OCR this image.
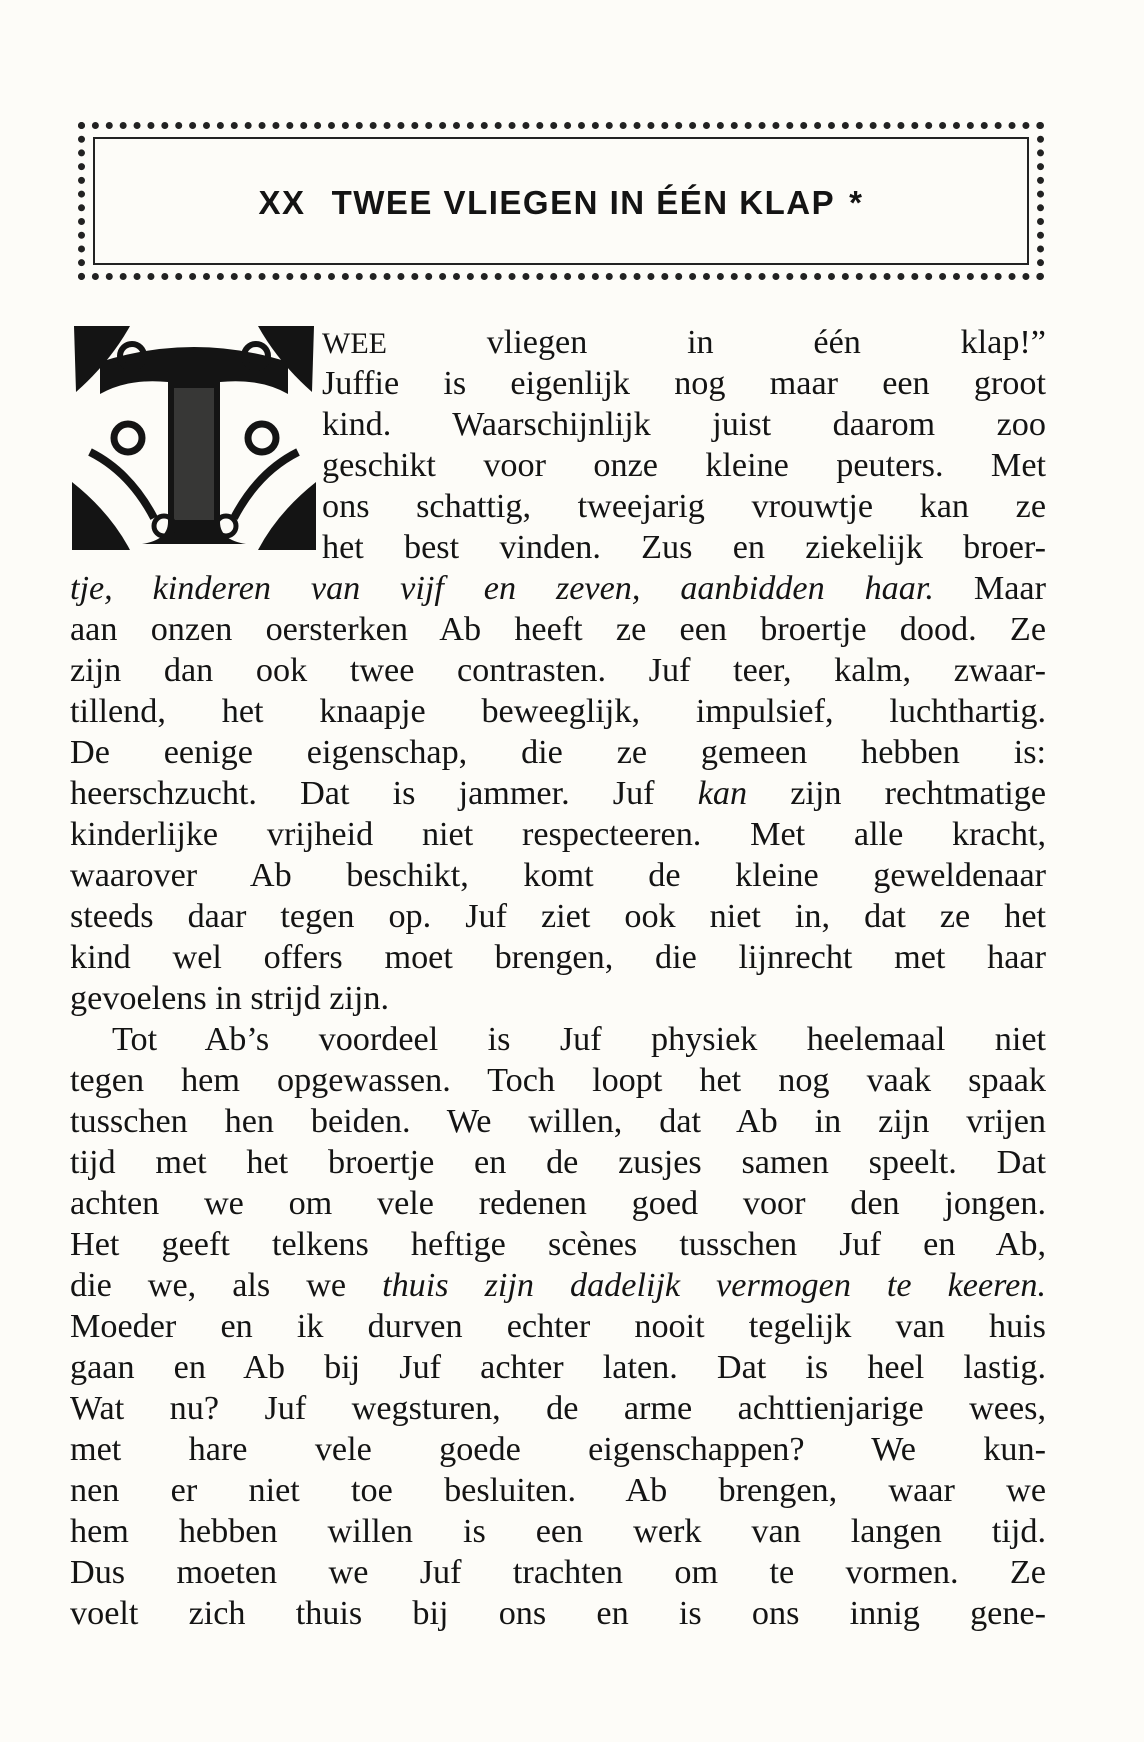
XX TWEE VLIEGEN IN ÉÉN KLAP *
WEE vliegen in één klap!”
Juffie is eigenlijk nog maar een groot
kind. Waarschijnlijk juist daarom zoo
geschikt voor onze kleine peuters. Met
ons schattig, tweejarig vrouwtje kan ze
het best vinden. Zus en ziekelijk broer-
tje, kinderen van vijf en zeven, aanbidden haar. Maar
aan onzen oersterken Ab heeft ze een broertje dood. Ze
zijn dan ook twee contrasten. Juf teer, kalm, zwaar-
tillend, het knaapje beweeglijk, impulsief, luchthartig.
De eenige eigenschap, die ze gemeen hebben is:
heerschzucht. Dat is jammer. Juf kan zijn rechtmatige
kinderlijke vrijheid niet respecteeren. Met alle kracht,
waarover Ab beschikt, komt de kleine geweldenaar
steeds daar tegen op. Juf ziet ook niet in, dat ze het
kind wel offers moet brengen, die lijnrecht met haar
gevoelens in strijd zijn.
Tot Ab’s voordeel is Juf physiek heelemaal niet
tegen hem opgewassen. Toch loopt het nog vaak spaak
tusschen hen beiden. We willen, dat Ab in zijn vrijen
tijd met het broertje en de zusjes samen speelt. Dat
achten we om vele redenen goed voor den jongen.
Het geeft telkens heftige scènes tusschen Juf en Ab,
die we, als we thuis zijn dadelijk vermogen te keeren.
Moeder en ik durven echter nooit tegelijk van huis
gaan en Ab bij Juf achter laten. Dat is heel lastig.
Wat nu? Juf wegsturen, de arme achttienjarige wees,
met hare vele goede eigenschappen? We kun-
nen er niet toe besluiten. Ab brengen, waar we
hem hebben willen is een werk van langen tijd.
Dus moeten we Juf trachten om te vormen. Ze
voelt zich thuis bij ons en is ons innig gene-
